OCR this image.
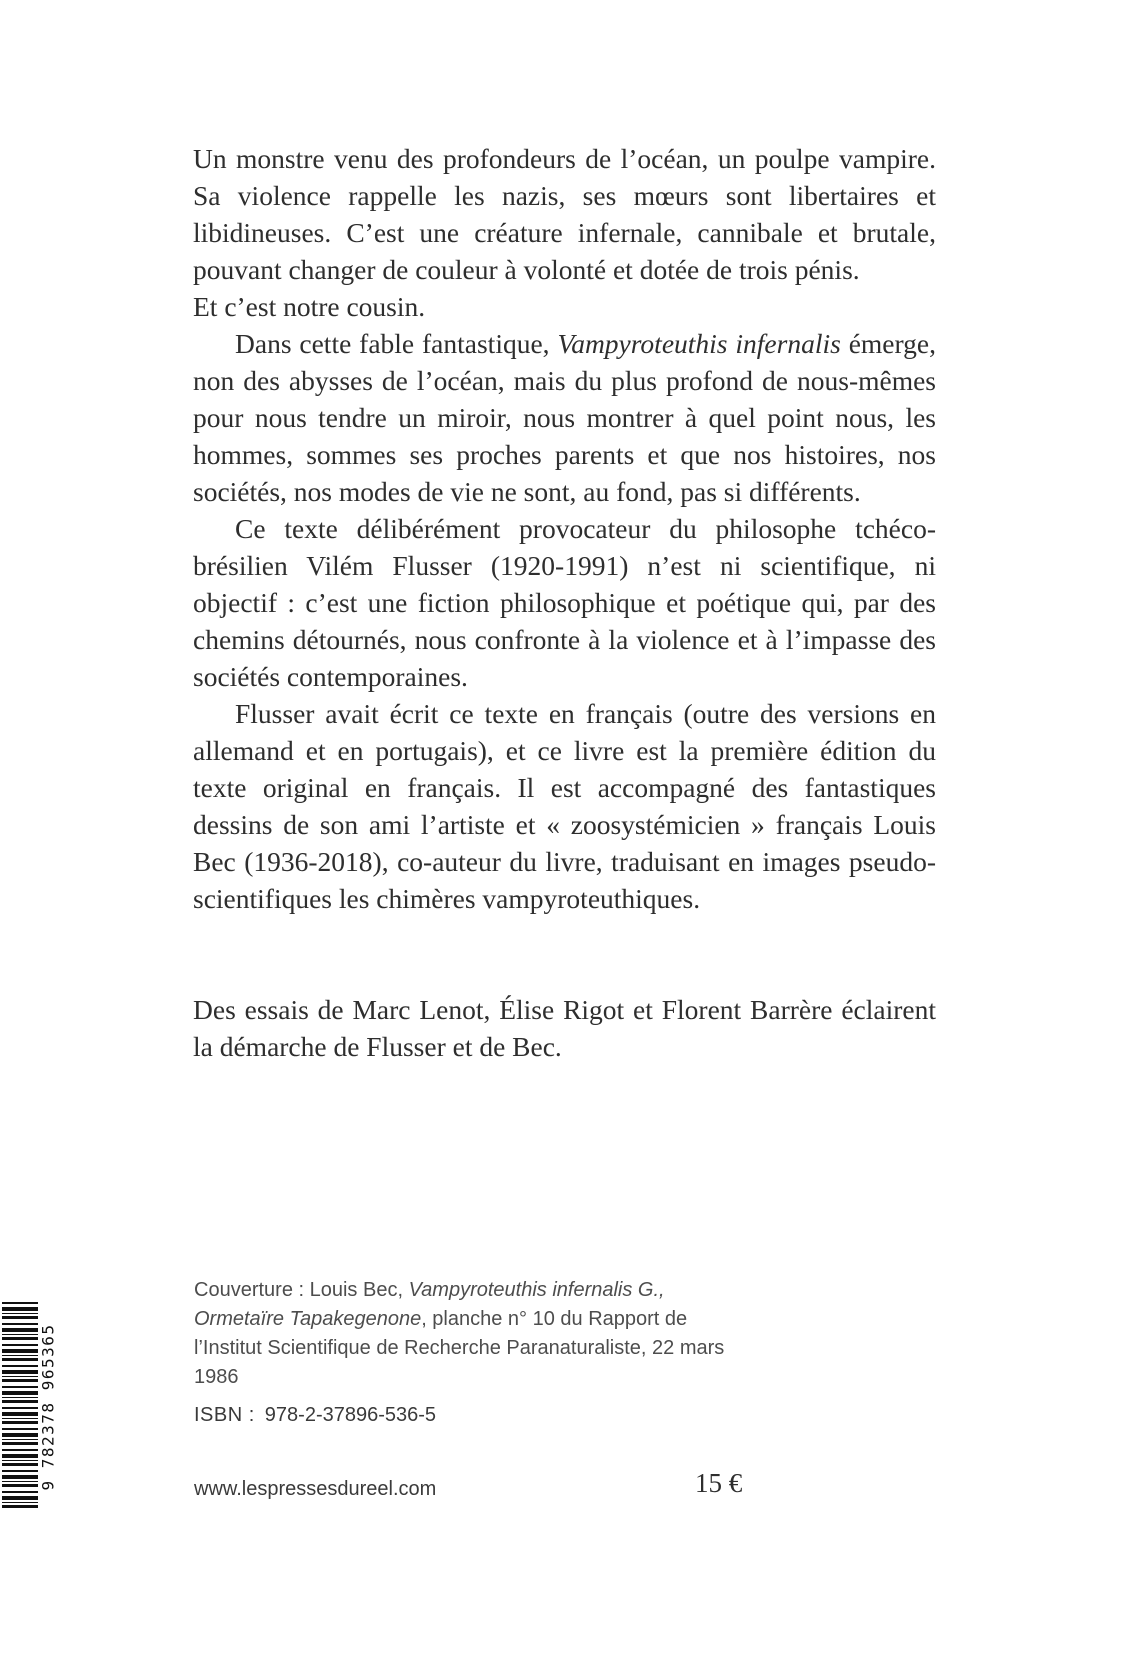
Un monstre venu des profondeurs de l’océan, un poulpe vampire. Sa violence rappelle les nazis, ses mœurs sont libertaires et libidineuses. C’est une créature infernale, cannibale et brutale, pouvant changer de couleur à volonté et dotée de trois pénis.

Et c’est notre cousin.

Dans cette fable fantastique, Vampyroteuthis infernalis émerge, non des abysses de l’océan, mais du plus profond de nous-mêmes pour nous tendre un miroir, nous montrer à quel point nous, les hommes, sommes ses proches parents et que nos histoires, nos sociétés, nos modes de vie ne sont, au fond, pas si différents.

Ce texte délibérément provocateur du philosophe tchéco-brésilien Vilém Flusser (1920-1991) n’est ni scientifique, ni objectif : c’est une fiction philosophique et poétique qui, par des chemins détournés, nous confronte à la violence et à l’impasse des sociétés contemporaines.

Flusser avait écrit ce texte en français (outre des versions en allemand et en portugais), et ce livre est la première édition du texte original en français. Il est accompagné des fantastiques dessins de son ami l’artiste et « zoosystémicien » français Louis Bec (1936-2018), co-auteur du livre, traduisant en images pseudo-scientifiques les chimères vampyroteuthiques.

Des essais de Marc Lenot, Élise Rigot et Florent Barrère éclairent la démarche de Flusser et de Bec.

Couverture : Louis Bec, Vampyroteuthis infernalis G., Ormetaïre Tapakegenone, planche n° 10 du Rapport de l’Institut Scientifique de Recherche Paranaturaliste, 22 mars 1986
ISBN : 978-2-37896-536-5
www.lespressesdureel.com	15 €
9 782378 965365
